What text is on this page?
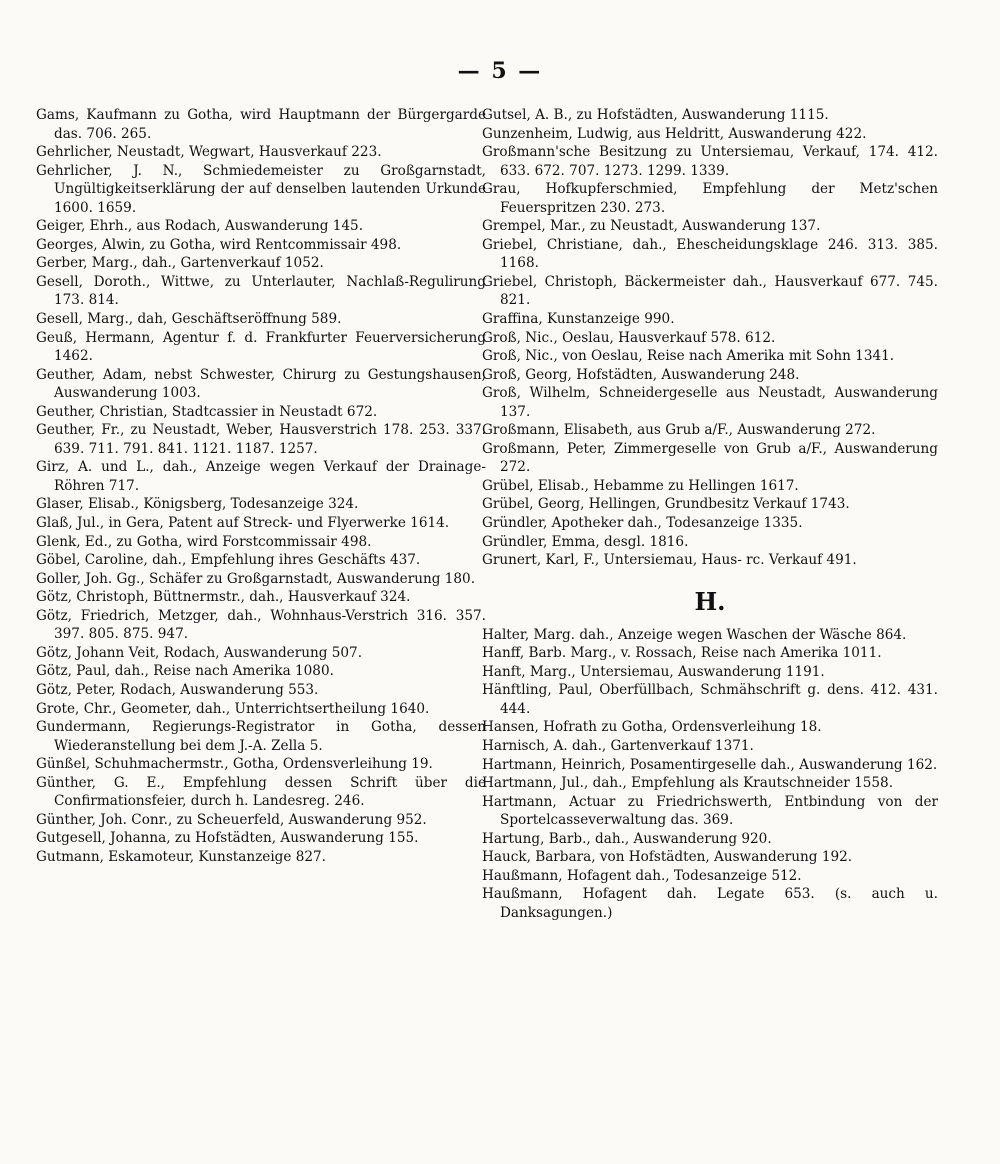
— 5 —

Gams, Kaufmann zu Gotha, wird Hauptmann der Bürgergarde das. 706. 265.

Gehrlicher, Neustadt, Wegwart, Hausverkauf 223.

Gehrlicher, J. N., Schmiedemeister zu Großgarnstadt, Ungültigkeitserklärung der auf denselben lautenden Urkunde 1600. 1659.

Geiger, Ehrh., aus Rodach, Auswanderung 145.

Georges, Alwin, zu Gotha, wird Rentcommissair 498.

Gerber, Marg., dah., Gartenverkauf 1052.

Gesell, Doroth., Wittwe, zu Unterlauter, Nachlaß-Regulirung 173. 814.

Gesell, Marg., dah, Geschäftseröffnung 589.

Geuß, Hermann, Agentur f. d. Frankfurter Feuerversicherung 1462.

Geuther, Adam, nebst Schwester, Chirurg zu Gestungshausen, Auswanderung 1003.

Geuther, Christian, Stadtcassier in Neustadt 672.

Geuther, Fr., zu Neustadt, Weber, Hausverstrich 178. 253. 337. 639. 711. 791. 841. 1121. 1187. 1257.

Girz, A. und L., dah., Anzeige wegen Verkauf der Drainage-Röhren 717.

Glaser, Elisab., Königsberg, Todesanzeige 324.

Glaß, Jul., in Gera, Patent auf Streck- und Flyerwerke 1614.

Glenk, Ed., zu Gotha, wird Forstcommissair 498.

Göbel, Caroline, dah., Empfehlung ihres Geschäfts 437.

Goller, Joh. Gg., Schäfer zu Großgarnstadt, Auswanderung 180.

Götz, Christoph, Büttnermstr., dah., Hausverkauf 324.

Götz, Friedrich, Metzger, dah., Wohnhaus-Verstrich 316. 357. 397. 805. 875. 947.

Götz, Johann Veit, Rodach, Auswanderung 507.

Götz, Paul, dah., Reise nach Amerika 1080.

Götz, Peter, Rodach, Auswanderung 553.

Grote, Chr., Geometer, dah., Unterrichtsertheilung 1640.

Gundermann, Regierungs-Registrator in Gotha, dessen Wiederanstellung bei dem J.-A. Zella 5.

Günßel, Schuhmachermstr., Gotha, Ordensverleihung 19.

Günther, G. E., Empfehlung dessen Schrift über die Confirmationsfeier, durch h. Landesreg. 246.

Günther, Joh. Conr., zu Scheuerfeld, Auswanderung 952.

Gutgesell, Johanna, zu Hofstädten, Auswanderung 155.

Gutmann, Eskamoteur, Kunstanzeige 827.

Gutsel, A. B., zu Hofstädten, Auswanderung 1115.

Gunzenheim, Ludwig, aus Heldritt, Auswanderung 422.

Großmann'sche Besitzung zu Untersiemau, Verkauf, 174. 412. 633. 672. 707. 1273. 1299. 1339.

Grau, Hofkupferschmied, Empfehlung der Metz'schen Feuerspritzen 230. 273.

Grempel, Mar., zu Neustadt, Auswanderung 137.

Griebel, Christiane, dah., Ehescheidungsklage 246. 313. 385. 1168.

Griebel, Christoph, Bäckermeister dah., Hausverkauf 677. 745. 821.

Graffina, Kunstanzeige 990.

Groß, Nic., Oeslau, Hausverkauf 578. 612.

Groß, Nic., von Oeslau, Reise nach Amerika mit Sohn 1341.

Groß, Georg, Hofstädten, Auswanderung 248.

Groß, Wilhelm, Schneidergeselle aus Neustadt, Auswanderung 137.

Großmann, Elisabeth, aus Grub a/F., Auswanderung 272.

Großmann, Peter, Zimmergeselle von Grub a/F., Auswanderung 272.

Grübel, Elisab., Hebamme zu Hellingen 1617.

Grübel, Georg, Hellingen, Grundbesitz Verkauf 1743.

Gründler, Apotheker dah., Todesanzeige 1335.

Gründler, Emma, desgl. 1816.

Grunert, Karl, F., Untersiemau, Haus- rc. Verkauf 491.

H.

Halter, Marg. dah., Anzeige wegen Waschen der Wäsche 864.

Hanff, Barb. Marg., v. Rossach, Reise nach Amerika 1011.

Hanft, Marg., Untersiemau, Auswanderung 1191.

Hänftling, Paul, Oberfüllbach, Schmähschrift g. dens. 412. 431. 444.

Hansen, Hofrath zu Gotha, Ordensverleihung 18.

Harnisch, A. dah., Gartenverkauf 1371.

Hartmann, Heinrich, Posamentirgeselle dah., Auswanderung 162.

Hartmann, Jul., dah., Empfehlung als Krautschneider 1558.

Hartmann, Actuar zu Friedrichswerth, Entbindung von der Sportelcasseverwaltung das. 369.

Hartung, Barb., dah., Auswanderung 920.

Hauck, Barbara, von Hofstädten, Auswanderung 192.

Haußmann, Hofagent dah., Todesanzeige 512.

Haußmann, Hofagent dah. Legate 653. (s. auch u. Danksagungen.)
